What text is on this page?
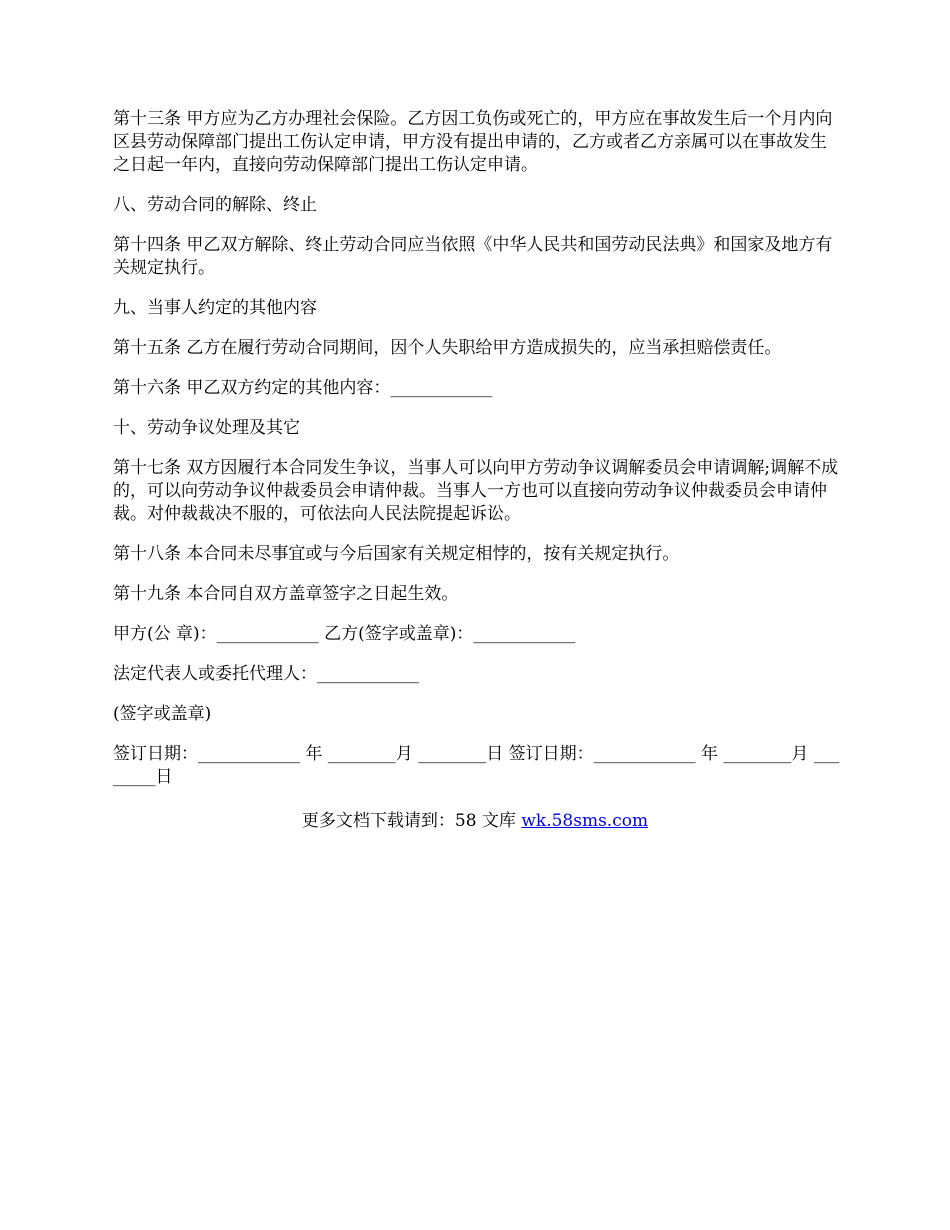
第十三条 甲方应为乙方办理社会保险。乙方因工负伤或死亡的，甲方应在事故发生后一个月内向区县劳动保障部门提出工伤认定申请，甲方没有提出申请的，乙方或者乙方亲属可以在事故发生之日起一年内，直接向劳动保障部门提出工伤认定申请。

八、劳动合同的解除、终止

第十四条 甲乙双方解除、终止劳动合同应当依照《中华人民共和国劳动民法典》和国家及地方有关规定执行。

九、当事人约定的其他内容

第十五条 乙方在履行劳动合同期间，因个人失职给甲方造成损失的，应当承担赔偿责任。

第十六条 甲乙双方约定的其他内容：____________

十、劳动争议处理及其它

第十七条 双方因履行本合同发生争议，当事人可以向甲方劳动争议调解委员会申请调解;调解不成的，可以向劳动争议仲裁委员会申请仲裁。当事人一方也可以直接向劳动争议仲裁委员会申请仲裁。对仲裁裁决不服的，可依法向人民法院提起诉讼。

第十八条 本合同未尽事宜或与今后国家有关规定相悖的，按有关规定执行。

第十九条 本合同自双方盖章签字之日起生效。

甲方(公 章)：____________ 乙方(签字或盖章)：____________

法定代表人或委托代理人：____________

(签字或盖章)

签订日期：____________ 年 ________月 ________日 签订日期：____________ 年 ________月 ________日

更多文档下载请到：58 文库 wk.58sms.com
